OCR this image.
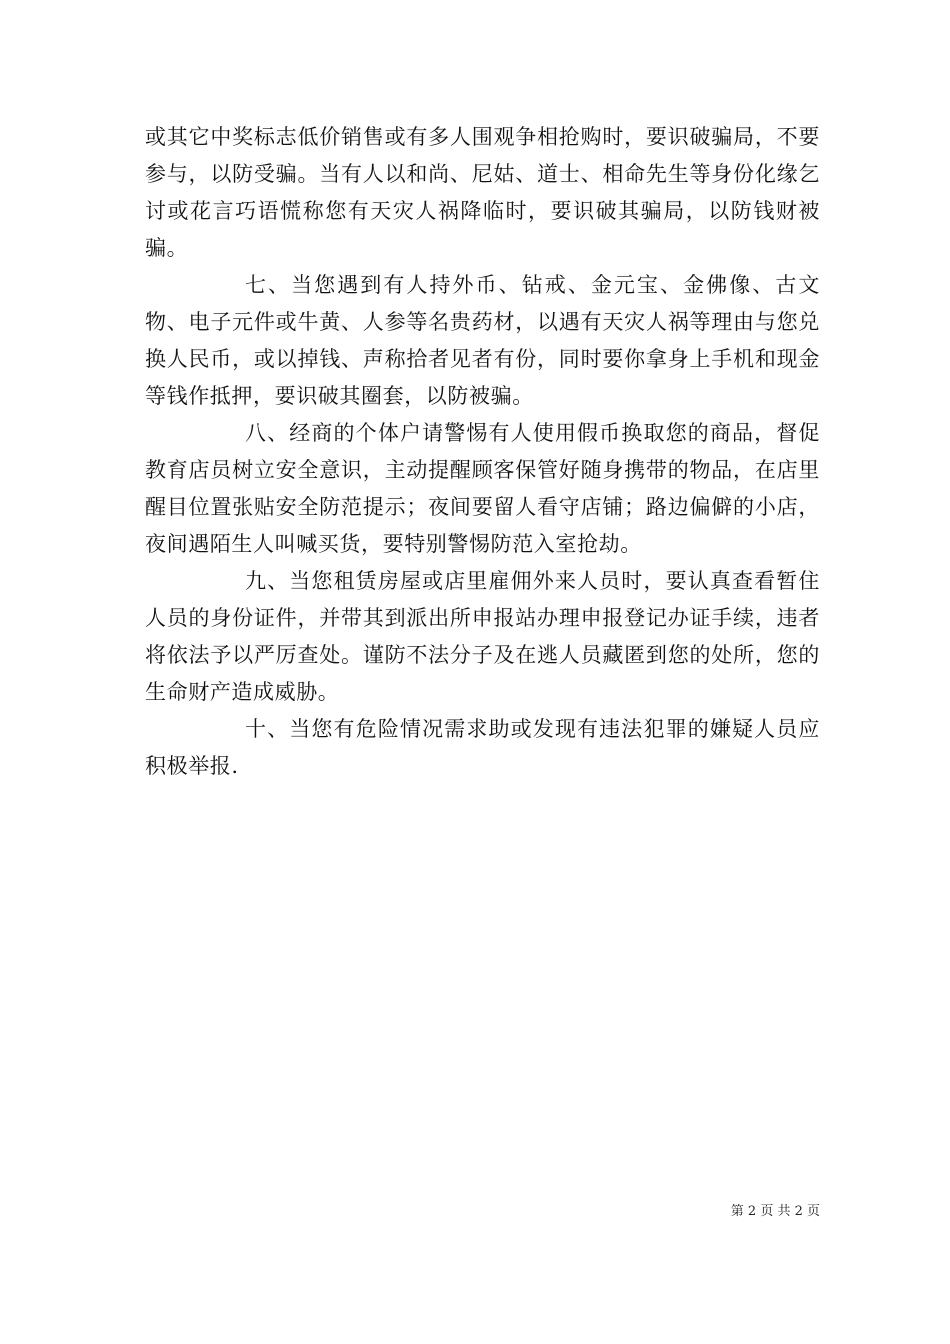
或其它中奖标志低价销售或有多人围观争相抢购时，要识破骗局，不要参与，以防受骗。当有人以和尚、尼姑、道士、相命先生等身份化缘乞讨或花言巧语慌称您有天灾人祸降临时，要识破其骗局，以防钱财被骗。

七、当您遇到有人持外币、钻戒、金元宝、金佛像、古文物、电子元件或牛黄、人参等名贵药材，以遇有天灾人祸等理由与您兑换人民币，或以掉钱、声称拾者见者有份，同时要你拿身上手机和现金等钱作抵押，要识破其圈套，以防被骗。

八、经商的个体户请警惕有人使用假币换取您的商品，督促教育店员树立安全意识，主动提醒顾客保管好随身携带的物品，在店里醒目位置张贴安全防范提示；夜间要留人看守店铺；路边偏僻的小店，夜间遇陌生人叫喊买货，要特别警惕防范入室抢劫。

九、当您租赁房屋或店里雇佣外来人员时，要认真查看暂住人员的身份证件，并带其到派出所申报站办理申报登记办证手续，违者将依法予以严厉查处。谨防不法分子及在逃人员藏匿到您的处所，您的生命财产造成威胁。

十、当您有危险情况需求助或发现有违法犯罪的嫌疑人员应积极举报.

第 2 页 共 2 页
